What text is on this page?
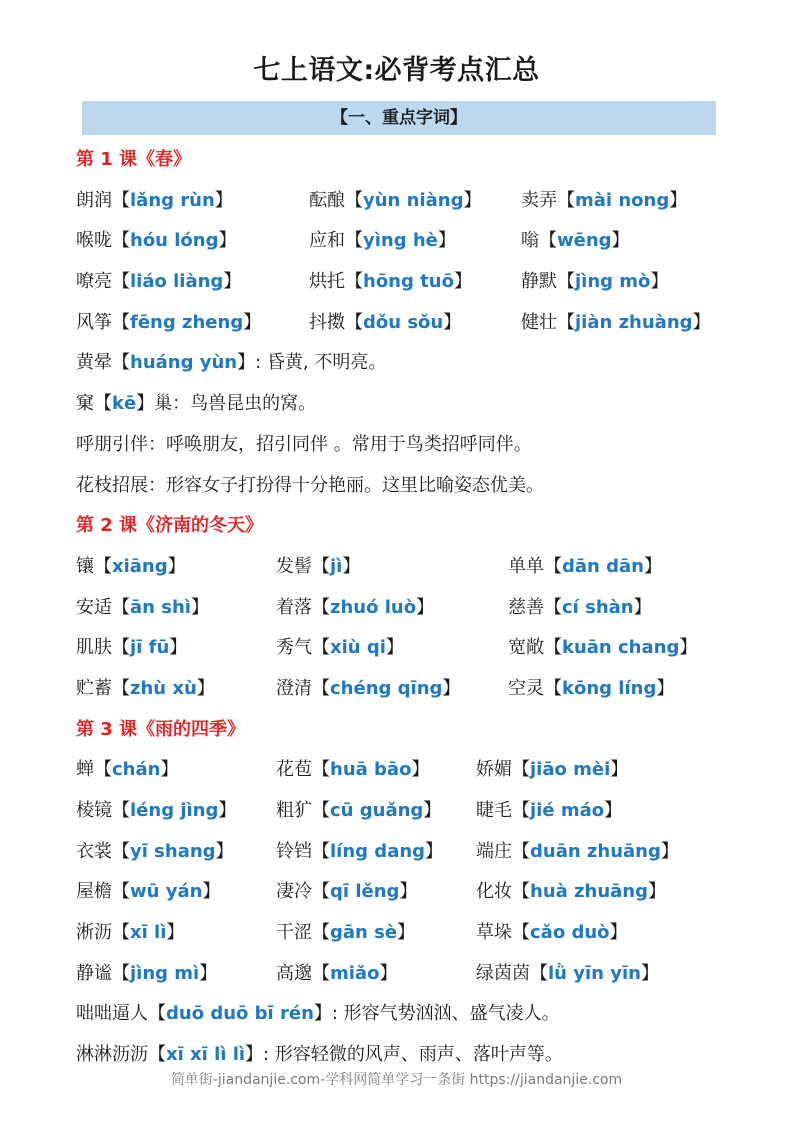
七上语文:必背考点汇总
【一、重点字词】
第 1 课《春》
朗润【lǎng rùn】	酝酿【yùn niàng】 卖弄【mài nong】
喉咙【hóu lóng】	应和【yìng hè】	嗡【wēng】
嘹亮【liáo liàng】	烘托【hōng tuō】	静默【jìng mò】
风筝【fēng zheng】	抖擞【dǒu sǒu】	健壮【jiàn zhuàng】
黄晕【huáng yùn】: 昏黄, 不明亮。
窠【kē】巢：鸟兽昆虫的窝。
呼朋引伴：呼唤朋友，招引同伴 。常用于鸟类招呼同伴。
花枝招展：形容女子打扮得十分艳丽。这里比喻姿态优美。
第 2 课《济南的冬天》
镶【xiāng】	发髻【jì】	单单【dān dān】
安适【ān shì】	着落【zhuó luò】	慈善【cí shàn】
肌肤【jī fū】	秀气【xiù qi】	宽敞【kuān chang】
贮蓄【zhù xù】	澄清【chéng qīng】	空灵【kōng líng】
第 3 课《雨的四季》
蝉【chán】	花苞【huā bāo】	娇媚【jiāo mèi】
棱镜【léng jìng】 粗犷【cū guǎng】 睫毛【jié máo】
衣裳【yī shang】 铃铛【líng dang】 端庄【duān zhuāng】
屋檐【wū yán】	凄冷【qī lěng】	化妆【huà zhuāng】
淅沥【xī lì】	干涩【gān sè】	草垛【cǎo duò】
静谧【jìng mì】	高邈【miǎo】	绿茵茵【lǜ yīn yīn】
咄咄逼人【duō duō bī rén】: 形容气势汹汹、盛气凌人。
淋淋沥沥【xī xī lì lì】: 形容轻微的风声、雨声、落叶声等。
简单街-jiandanjie.com-学科网简单学习一条街 https://jiandanjie.com
